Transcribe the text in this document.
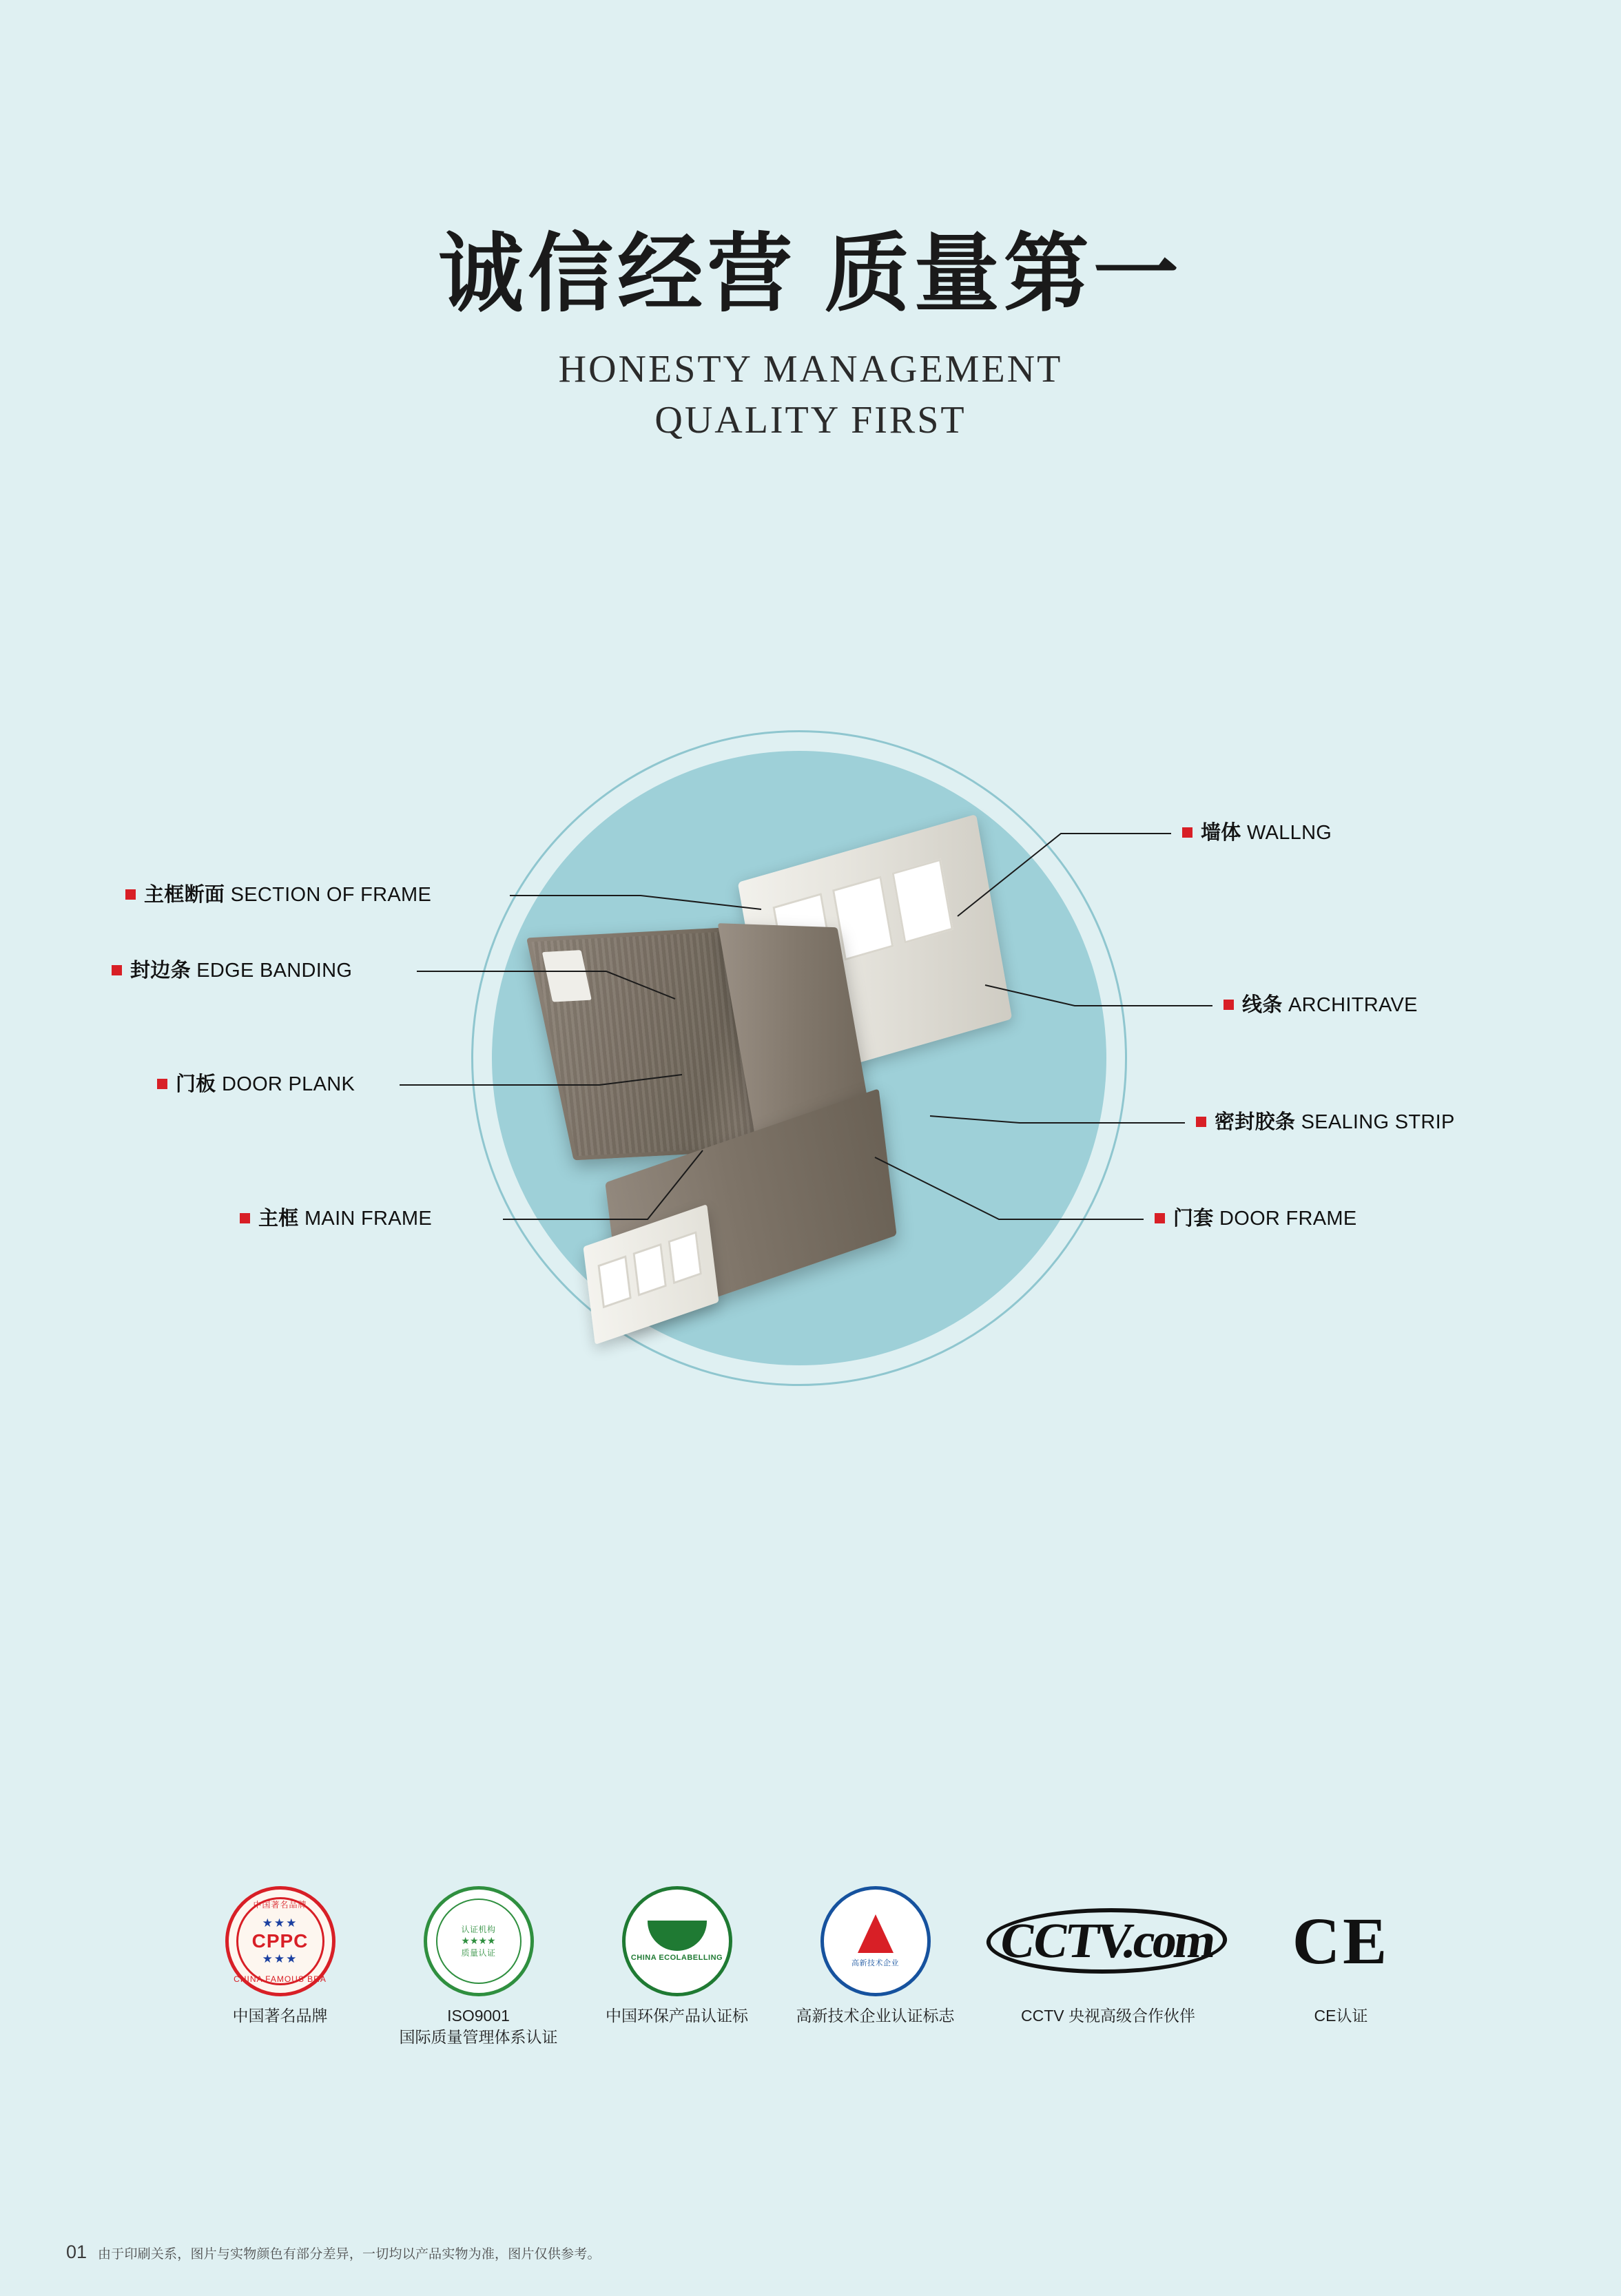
诚信经营 质量第一
HONESTY MANAGEMENT
QUALITY FIRST
墙体 WALLNG
主框断面 SECTION OF FRAME
封边条 EDGE BANDING
线条 ARCHITRAVE
门板 DOOR PLANK
密封胶条 SEALING STRIP
主框 MAIN FRAME	门套 DOOR FRAME
中国著名品牌
★★★
CPPC
★★★
CHINA FAMOUS BRA
中国著名品牌
认证机构
★★★★
质量认证
ISO9001
国际质量管理体系认证
CHINA ECOLABELLING
中国环保产品认证标
高新技术企业
高新技术企业认证标志
CCTV.com
CCTV 央视高级合作伙伴
CE
CE认证
01 由于印刷关系，图片与实物颜色有部分差异，一切均以产品实物为准，图片仅供参考。
